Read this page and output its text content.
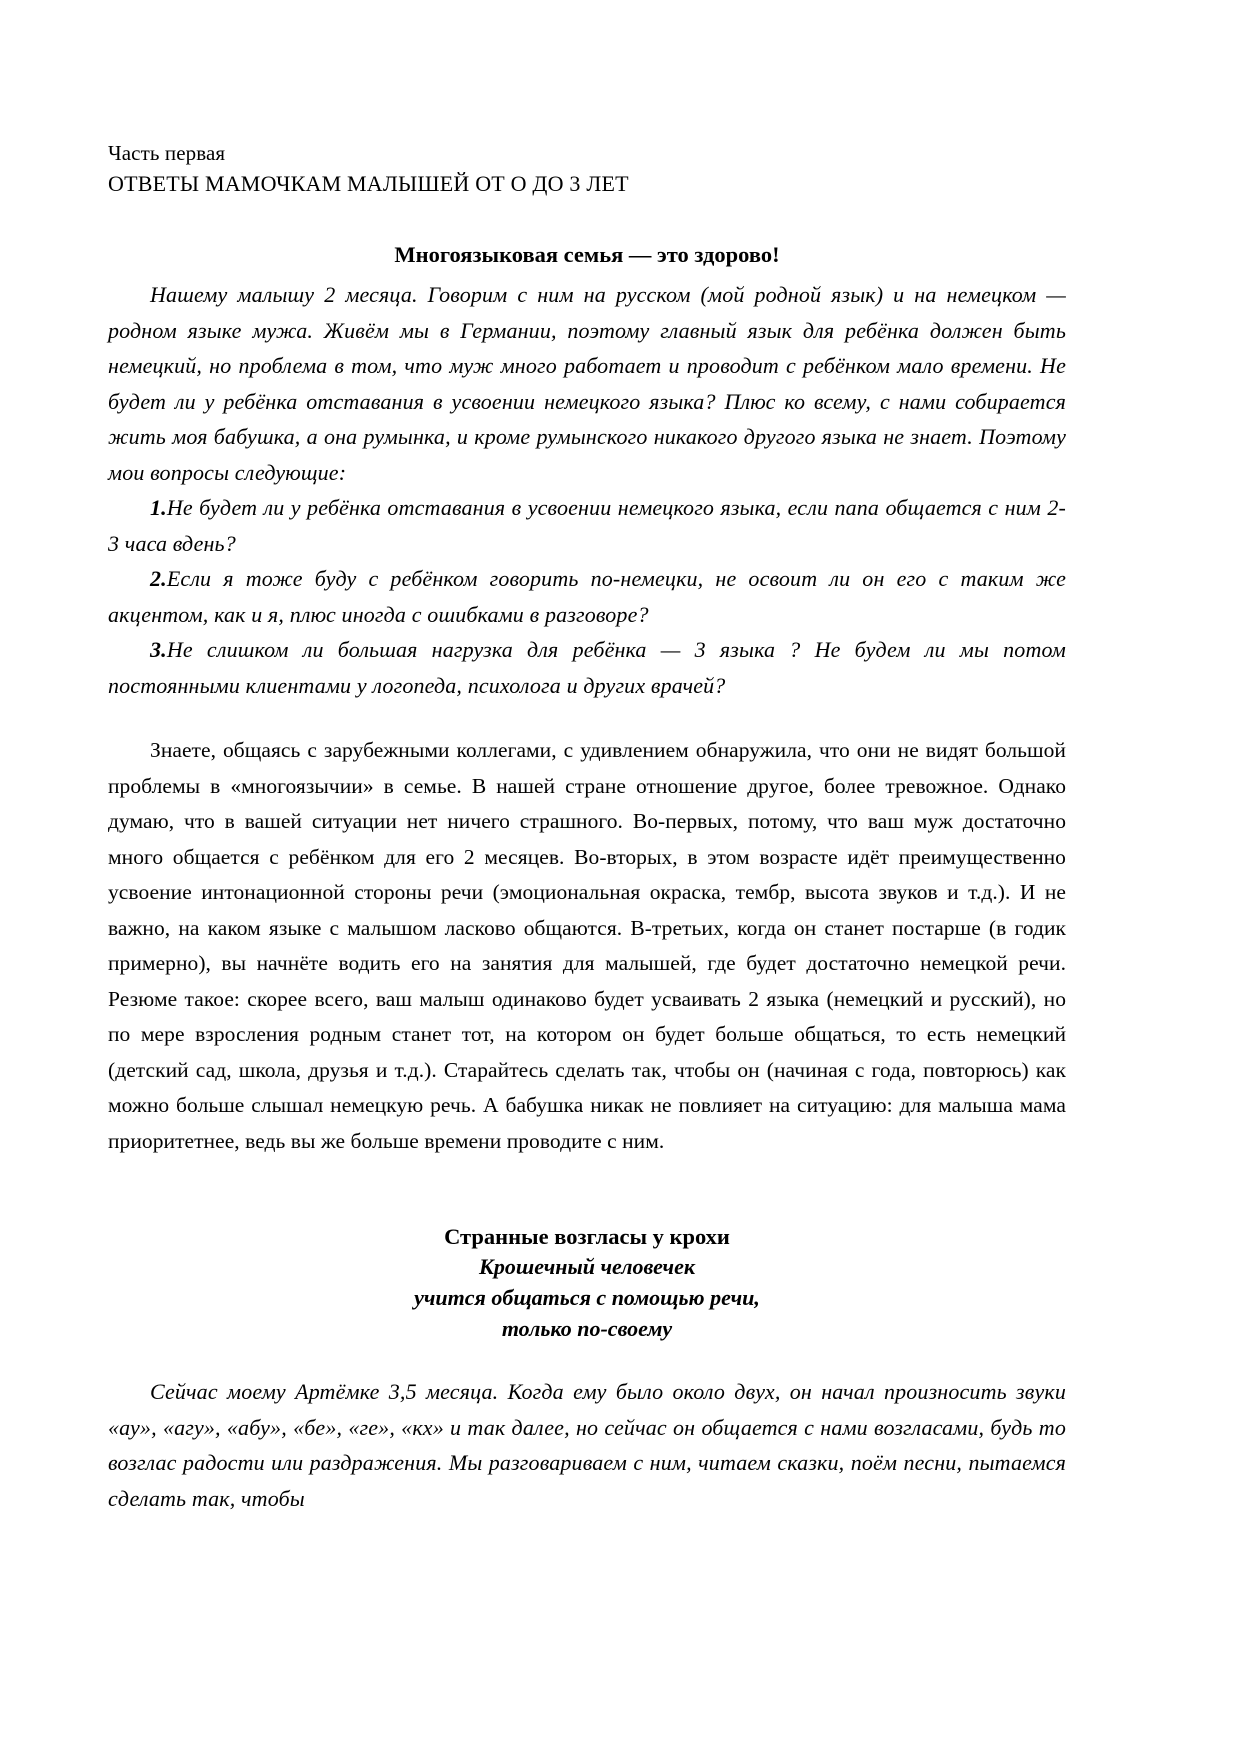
Часть первая
ОТВЕТЫ МАМОЧКАМ МАЛЫШЕЙ ОТ О ДО 3 ЛЕТ
Многоязыковая семья — это здорово!

Нашему малышу 2 месяца. Говорим с ним на русском (мой родной язык) и на немецком — родном языке мужа. Живём мы в Германии, поэтому главный язык для ребёнка должен быть немецкий, но проблема в том, что муж много работает и проводит с ребёнком мало времени. Не будет ли у ребёнка отставания в усвоении немецкого языка? Плюс ко всему, с нами собирается жить моя бабушка, а она румынка, и кроме румынского никакого другого языка не знает. Поэтому мои вопросы следующие:

1.Не будет ли у ребёнка отставания в усвоении немецкого языка, если папа общается с ним 2-3 часа вдень?

2.Если я тоже буду с ребёнком говорить по-немецки, не освоит ли он его с таким же акцентом, как и я, плюс иногда с ошибками в разговоре?

3.Не слишком ли большая нагрузка для ребёнка — 3 языка ? Не будем ли мы потом постоянными клиентами у логопеда, психолога и других врачей?

Знаете, общаясь с зарубежными коллегами, с удивлением обнаружила, что они не видят большой проблемы в «многоязычии» в семье. В нашей стране отношение другое, более тревожное. Однако думаю, что в вашей ситуации нет ничего страшного. Во-первых, потому, что ваш муж достаточно много общается с ребёнком для его 2 месяцев. Во-вторых, в этом возрасте идёт преимущественно усвоение интонационной стороны речи (эмоциональная окраска, тембр, высота звуков и т.д.). И не важно, на каком языке с малышом ласково общаются. В-третьих, когда он станет постарше (в годик примерно), вы начнёте водить его на занятия для малышей, где будет достаточно немецкой речи. Резюме такое: скорее всего, ваш малыш одинаково будет усваивать 2 языка (немецкий и русский), но по мере взросления родным станет тот, на котором он будет больше общаться, то есть немецкий (детский сад, школа, друзья и т.д.). Старайтесь сделать так, чтобы он (начиная с года, повторюсь) как можно больше слышал немецкую речь. А бабушка никак не повлияет на ситуацию: для малыша мама приоритетнее, ведь вы же больше времени проводите с ним.

Странные возгласы у крохи
Крошечный человечек
учится общаться с помощью речи,
только по-своему

Сейчас моему Артёмке 3,5 месяца. Когда ему было около двух, он начал произносить звуки «ау», «агу», «абу», «бе», «ге», «кх» и так далее, но сейчас он общается с нами возгласами, будь то возглас радости или раздражения. Мы разговариваем с ним, читаем сказки, поём песни, пытаемся сделать так, чтобы
